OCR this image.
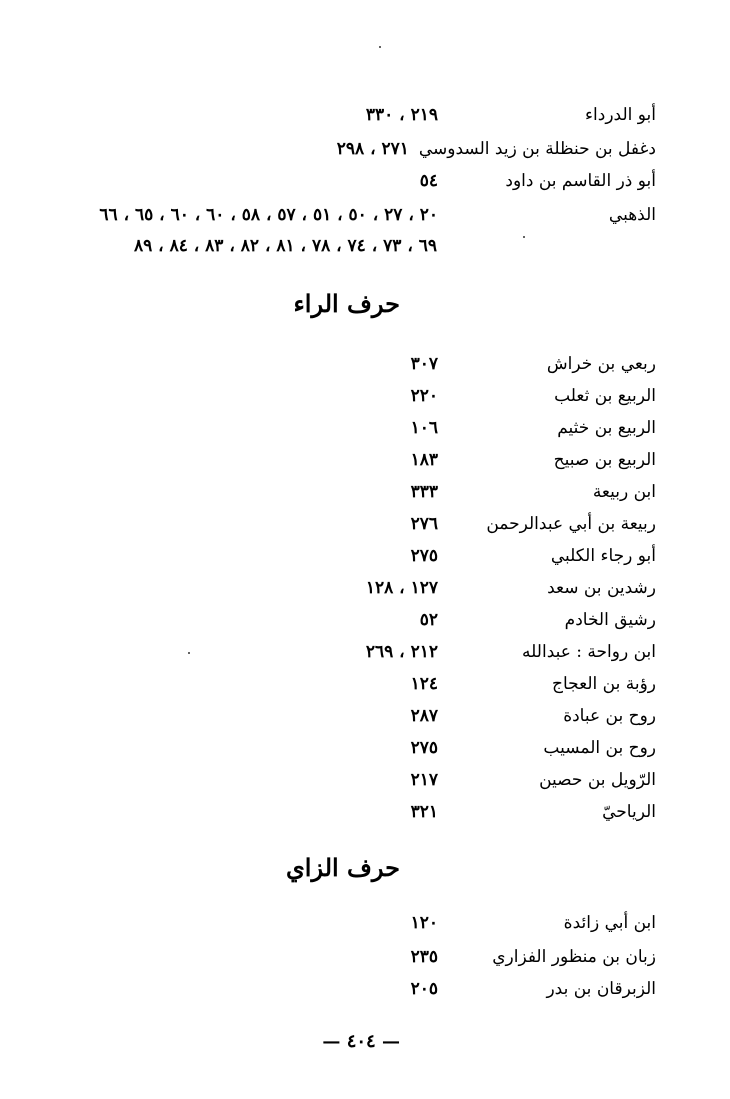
أبو الدرداء
٢١٩ ، ٣٣٠
دغفل بن حنظلة بن زيد السدوسي
٢٧١ ، ٢٩٨
أبو ذر القاسم بن داود
٥٤
الذهبي
٢٠ ، ٢٧ ، ٥٠ ، ٥١ ، ٥٧ ، ٥٨ ، ٦٠ ، ٦٠ ، ٦٥ ، ٦٦
٦٩ ، ٧٣ ، ٧٤ ، ٧٨ ، ٨١ ، ٨٢ ، ٨٣ ، ٨٤ ، ٨٩
حرف الراء
ربعي بن خراش
٣٠٧
الربيع بن ثعلب
٢٢٠
الربيع بن خثيم
١٠٦
الربيع بن صبيح
١٨٣
ابن ربيعة
٣٣٣
ربيعة بن أبي عبدالرحمن
٢٧٦
أبو رجاء الكلبي
٢٧٥
رشدين بن سعد
١٢٧ ، ١٢٨
رشيق الخادم
٥٢
ابن رواحة : عبدالله
٢١٢ ، ٢٦٩
رؤبة بن العجاج
١٢٤
روح بن عبادة
٢٨٧
روح بن المسيب
٢٧٥
الرّويل بن حصين
٢١٧
الرياحيّ
٣٢١
حرف الزاي
ابن أبي زائدة
١٢٠
زبان بن منظور الفزاري
٢٣٥
الزبرقان بن بدر
٢٠٥
— ٤٠٤ —
